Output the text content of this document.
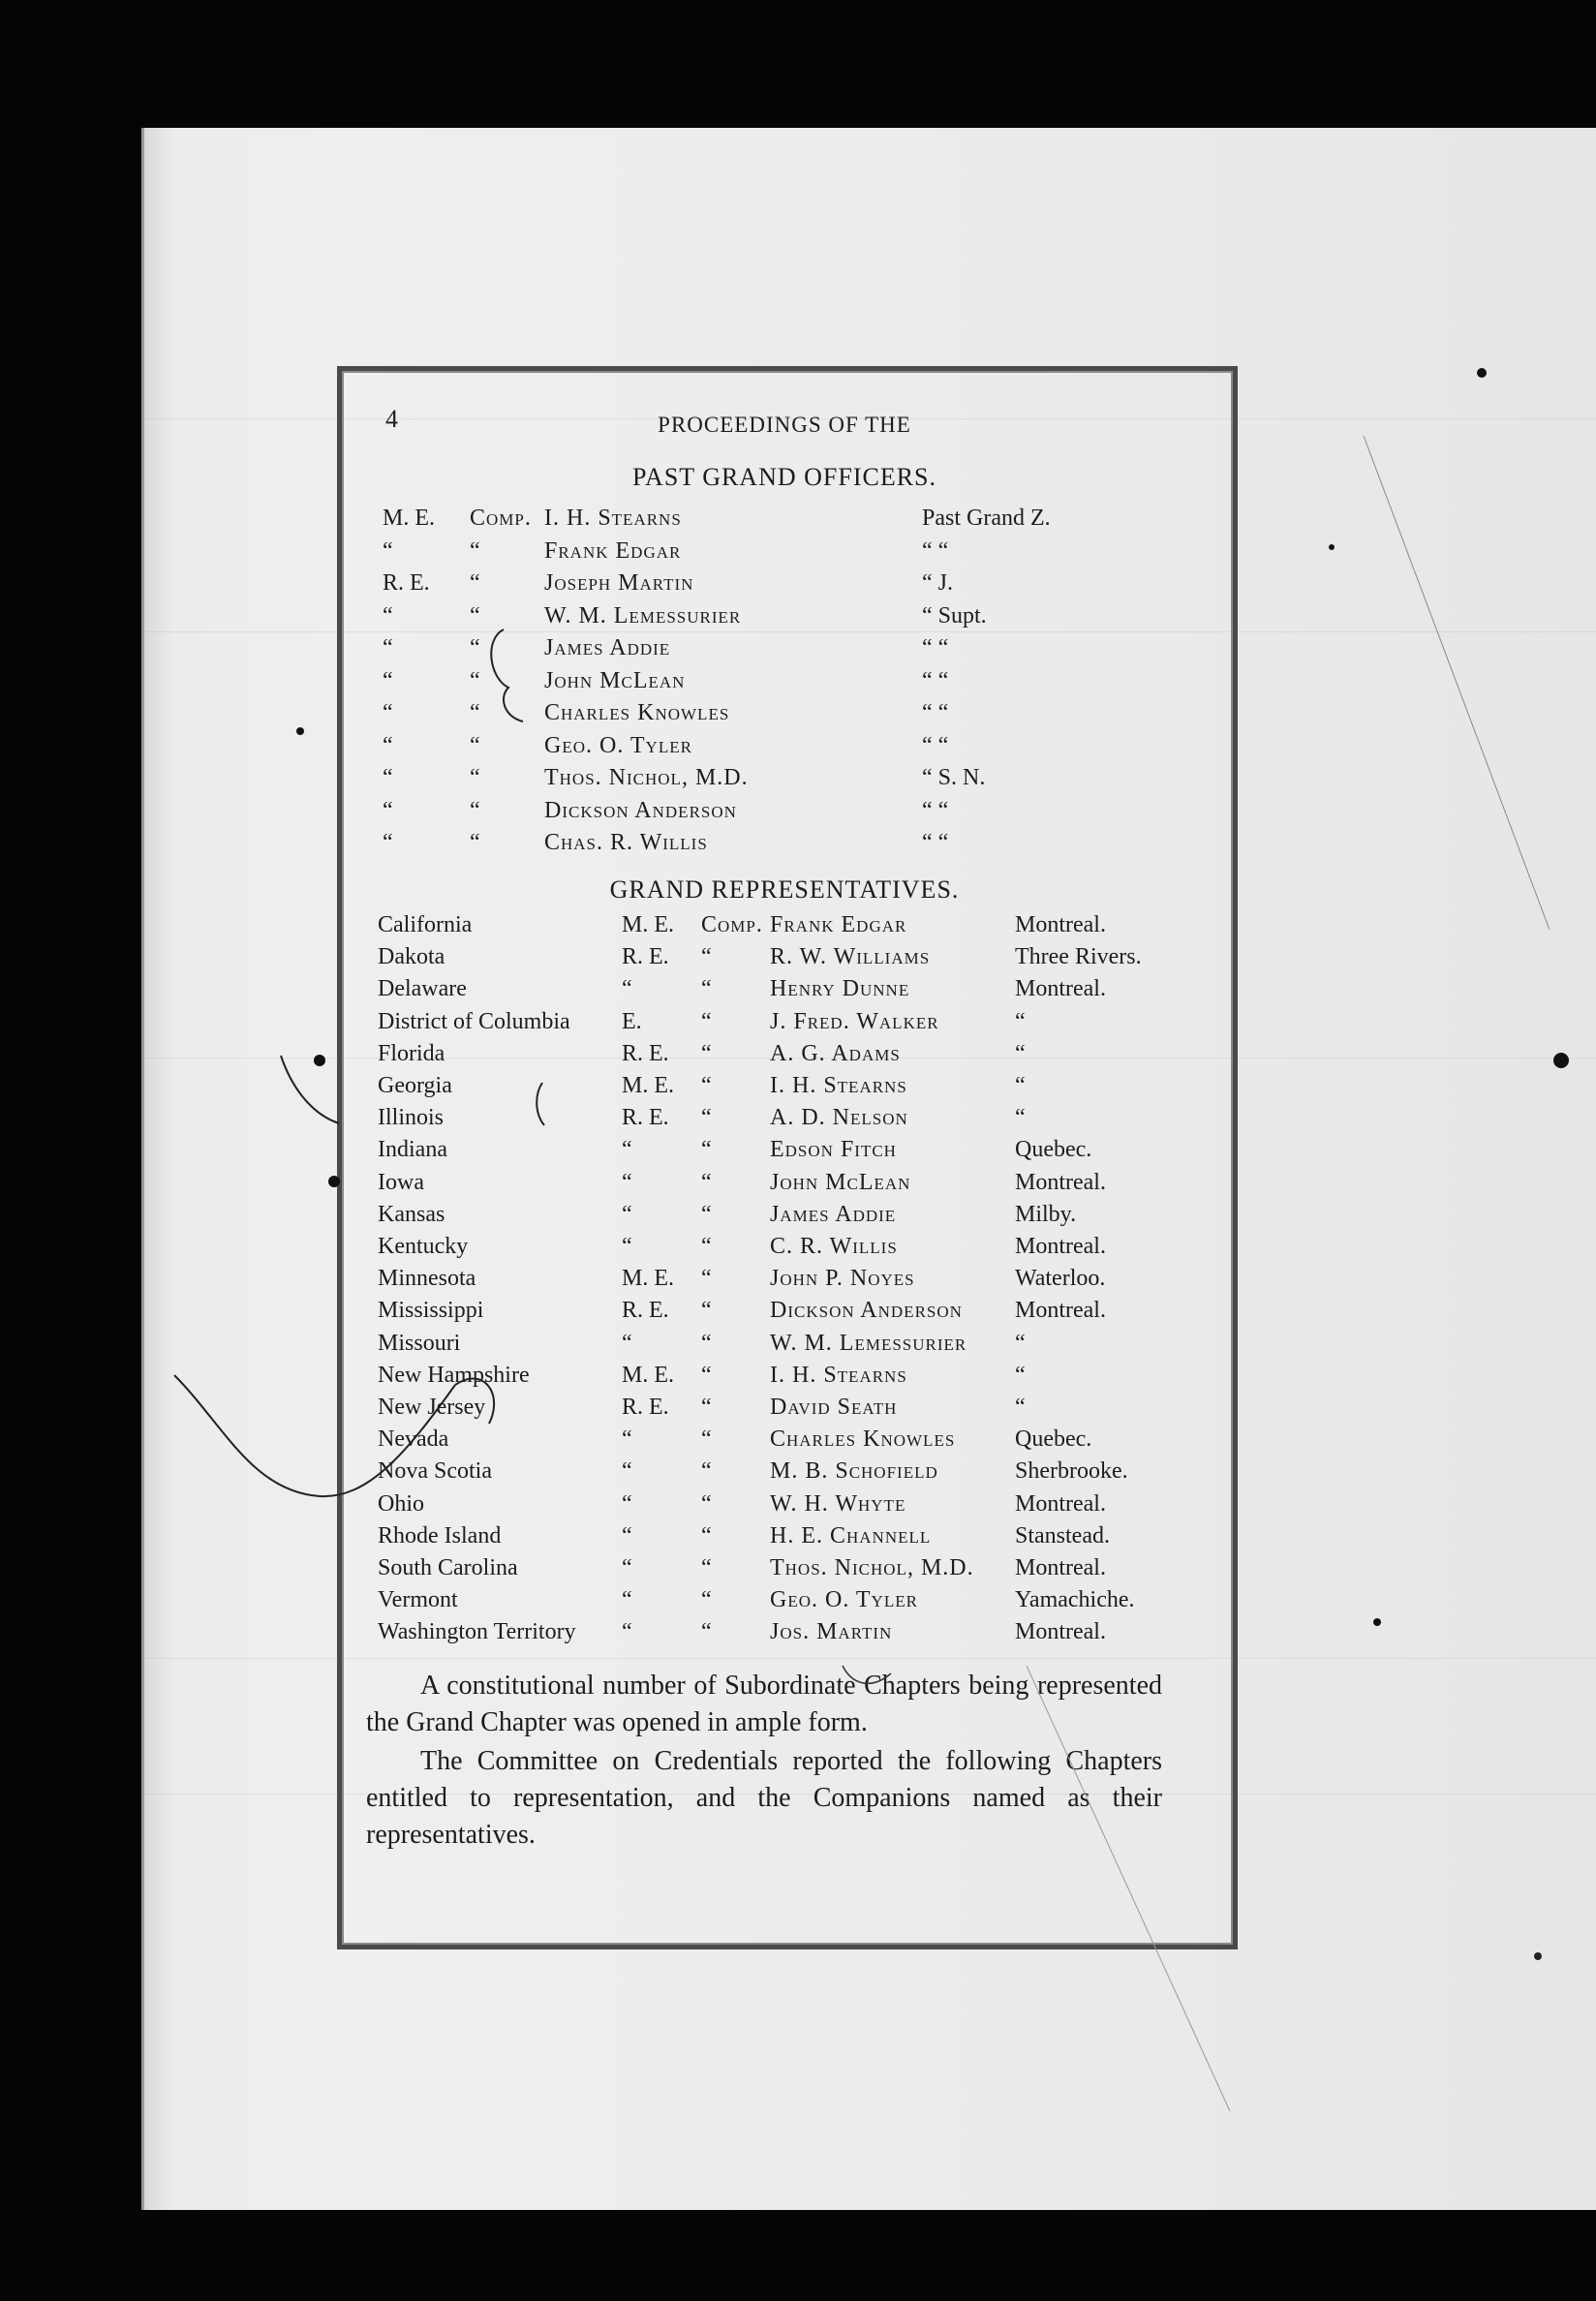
4	PROCEEDINGS OF THE
PAST GRAND OFFICERS.
M. E.	Comp. I. H. Stearns	Past Grand Z.
“	“	Frank Edgar	“ “
R. E.	“	Joseph Martin	“ J.
“	“	W. M. Lemessurier	“ Supt.
“	“	James Addie	“ “
“	“	John McLean	“ “
“	“	Charles Knowles	“ “
“	“	Geo. O. Tyler	“ “
“	“	Thos. Nichol, M.D.	“ S. N.
“	“	Dickson Anderson	“ “
“	“	Chas. R. Willis	“ “
GRAND REPRESENTATIVES.
California	M. E.	Comp. Frank Edgar	Montreal.
Dakota	R. E.	“	R. W. Williams	Three Rivers.
Delaware	“	“	Henry Dunne	Montreal.
District of Columbia	E.	“	J. Fred. Walker	“
Florida	R. E.	“	A. G. Adams	“
Georgia	M. E.	“	I. H. Stearns	“
Illinois	R. E.	“	A. D. Nelson	“
Indiana	“	“	Edson Fitch	Quebec.
Iowa	“	“	John McLean	Montreal.
Kansas	“	“	James Addie	Milby.
Kentucky	“	“	C. R. Willis	Montreal.
Minnesota	M. E.	“	John P. Noyes	Waterloo.
Mississippi	R. E.	“	Dickson Anderson	Montreal.
Missouri	“	“	W. M. Lemessurier	“
New Hampshire	M. E.	“	I. H. Stearns	“
New Jersey	R. E.	“	David Seath	“
Nevada	“	“	Charles Knowles	Quebec.
Nova Scotia	“	“	M. B. Schofield	Sherbrooke.
Ohio	“	“	W. H. Whyte	Montreal.
Rhode Island	“	“	H. E. Channell	Stanstead.
South Carolina	“	“	Thos. Nichol, M.D.	Montreal.
Vermont	“	“	Geo. O. Tyler	Yamachiche.
Washington Territory	“	“	Jos. Martin	Montreal.
A constitutional number of Subordinate Chapters being represented the Grand Chapter was opened in ample form.
The Committee on Credentials reported the following Chapters entitled to representation, and the Companions named as their representatives.
